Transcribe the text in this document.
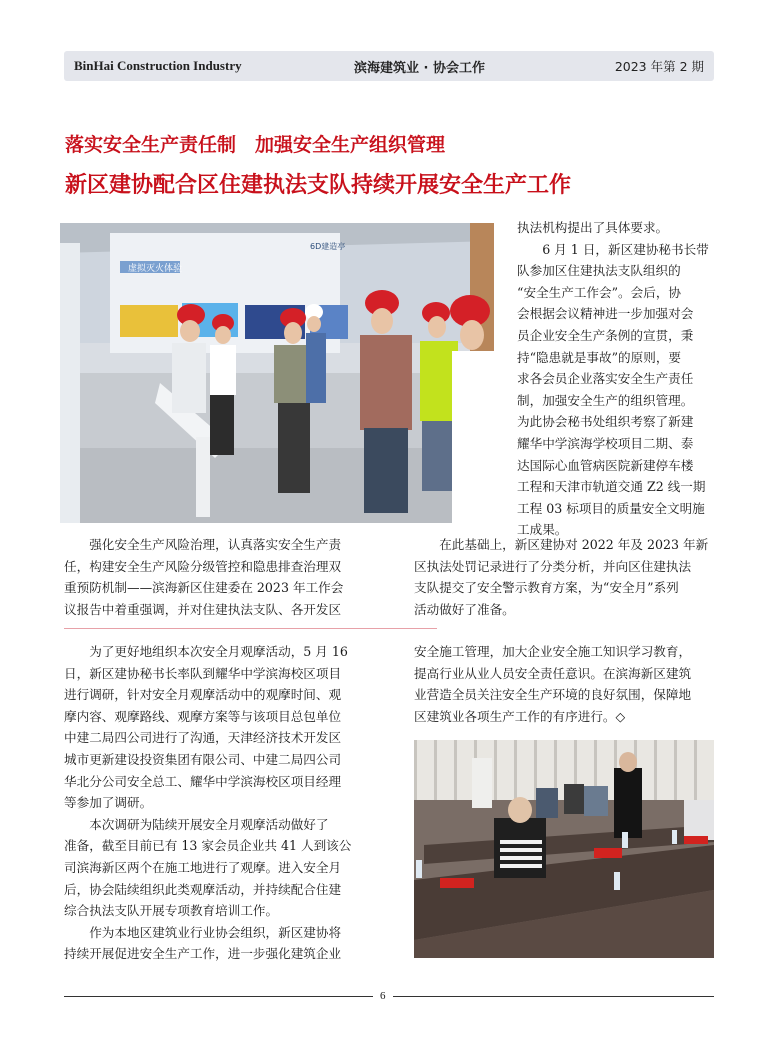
BinHai Construction Industry	滨海建筑业 · 协会工作	2023 年第 2 期
落实安全生产责任制　加强安全生产组织管理
新区建协配合区住建执法支队持续开展安全生产工作
虚拟灭火体验
6D建造亭
强化安全生产风险治理，认真落实安全生产责
任，构建安全生产风险分级管控和隐患排查治理双
重预防机制——滨海新区住建委在 2023 年工作会
议报告中着重强调，并对住建执法支队、各开发区
执法机构提出了具体要求。
6 月 1 日，新区建协秘书长带
队参加区住建执法支队组织的
“安全生产工作会”。会后，协
会根据会议精神进一步加强对会
员企业安全生产条例的宣贯，秉
持“隐患就是事故”的原则，要
求各会员企业落实安全生产责任
制，加强安全生产的组织管理。
为此协会秘书处组织考察了新建
耀华中学滨海学校项目二期、泰
达国际心血管病医院新建停车楼
工程和天津市轨道交通 Z2 线一期
工程 03 标项目的质量安全文明施
工成果。
在此基础上，新区建协对 2022 年及 2023 年新
区执法处罚记录进行了分类分析，并向区住建执法
支队提交了安全警示教育方案，为“安全月”系列
活动做好了准备。
为了更好地组织本次安全月观摩活动，5 月 16
日，新区建协秘书长率队到耀华中学滨海校区项目
进行调研，针对安全月观摩活动中的观摩时间、观
摩内容、观摩路线、观摩方案等与该项目总包单位
中建二局四公司进行了沟通，天津经济技术开发区
城市更新建设投资集团有限公司、中建二局四公司
华北分公司安全总工、耀华中学滨海校区项目经理
等参加了调研。
本次调研为陆续开展安全月观摩活动做好了
准备，截至目前已有 13 家会员企业共 41 人到该公
司滨海新区两个在施工地进行了观摩。进入安全月
后，协会陆续组织此类观摩活动，并持续配合住建
综合执法支队开展专项教育培训工作。
作为本地区建筑业行业协会组织，新区建协将
持续开展促进安全生产工作，进一步强化建筑企业
安全施工管理，加大企业安全施工知识学习教育，
提高行业从业人员安全责任意识。在滨海新区建筑
业营造全员关注安全生产环境的良好氛围，保障地
区建筑业各项生产工作的有序进行。◇
6
